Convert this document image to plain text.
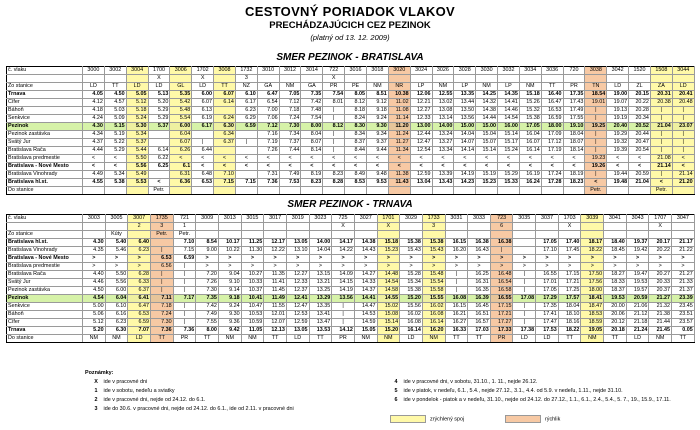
CESTOVNÝ PORIADOK VLAKOV
PRECHÁDZAJÚCICH CEZ PEZINOK
(platný od 13. 12. 2009)
SMER PEZINOK - BRATISLAVA
č. vlaku	3000	3002	3004	1700	3006	1702	3008	1732	3010	3012	3014	722	3016	3018	3020	3024	3026	3028	3030	3032	3034	3036	720	3038	3042	1520	1508	3044	
				X		X		3				X																	
Zo stanice	LD	TT	LD	LD	GL	LD	TT	NZ	GA	NM	GA	PR	PE	NM	NR	LP	NM	LP	NM	LP	NM	TT	PR	TN	LD	ZL	ZA	LD	
Trnava	4.05	4.50	5.05	5.13	5.35	6.00	6.07	6.10	6.47	7.05	7.35	7.54	8.05	8.51	10.38	12.06	12.55	13.35	14.25	14.35	15.18	16.40	17.35	18.54	19.00	20.15	20.31	20.41	
Cífer	4.12	4.57	5.12	5.20	5.42	6.07	6.14	6.17	6.54	7.12	7.42	8.01	8.12	9.12	11.02	12.21	13.02	13.44	14.32	14.41	15.26	16.47	17.43	19.01	19.07	20.22	20.38	20.48	
Báhoň	4.18	5.03	5.18	5.29	5.48	6.13		6.23	7.00	7.18	7.48	|	8.18	9.18	11.08	12.27	13.08	13.50	14.38	14.46	15.32	16.53	17.49	|	19.13	20.28	|	|	
Šenkvice	4.24	5.09	5.24	5.29	5.54	6.19	6.24	6.29	7.06	7.24	7.54	|	8.24	9.24	11.14	12.33	13.14	13.56	14.44	14.54	15.38	16.59	17.55	|	19.19	20.34	|	|	
Pezinok	4.30	5.15	5.30	5.37	6.00	6.17	6.30	6.59	7.12	7.30	8.00	8.12	8.30	9.30	11.20	13.00	14.00	15.00	15.00	16.00	17.05	18.00	19.10	19.25	20.40	20.52	21.04	23.07	
Pezinok zastávka	4.34	5.19	5.34		6.04		6.34		7.16	7.34	8.04	|	8.34	9.34	11.24	12.44	13.24	14.04	15.04	15.14	16.04	17.09	18.04	|	19.29	20.44	|	|	
Svätý Jur	4.37	5.22	5.37		6.07	|	6.37	|	7.19	7.37	8.07	|	8.37	9.37	11.27	12.47	13.27	14.07	15.07	15.17	16.07	17.12	18.07	|	19.32	20.47	|	|	
Bratislava Rača	4.44	5.29	5.44	6.14	6.26	6.44			7.26	7.44	8.14	|	8.44	9.44	11.34	12.54	13.34	14.14	15.14	15.24	16.14	17.19	18.14	|	19.39	20.54	|	|	
Bratislava predmestie	<	<	5.50	6.22	<	<	<	<	<	<	<	<	<	<	<	<	<	<	<	<	<	<	<	19.23	<	<	21.08	<	
Bratislava - Nové Mesto	<	<	5.56	6.25	6.1	<	<	<	<	<	<	<	<	<	<	<	<	<	<	<	<	<	<	19.26	<	<	21.14	<	
Bratislava Vinohrady	4.49	5.34	5.49		6.31	6.48	7.10		7.31	7.49	8.19	8.23	8.49	9.48	11.38	12.59	13.39	14.19	15.19	15.29	16.19	17.24	18.19	|	19.44	20.59	|	21.14	
Bratislava hl.st.	4.55	5.38	5.53	<	6.36	6.53	7.15	7.15	7.36	7.53	8.23	8.28	8.53	9.53	11.43	13.04	13.43	14.23	15.23	15.33	16.24	17.28	18.23	<	19.48	21.04	<	21.20	
Do stanice				Petr.																				Petr.			Petr.		
SMER PEZINOK - TRNAVA
č. vlaku	3003	3005	3007	1735	721	3009	3013	3015	3017	3019	3023	725	3027	1701	3029	1733	3031	3033	723	3035	3037	1703	3039	3041	3043	1707	3047
			2	3	1							X		X		3			6			X				X	
Zo stanice		Kúty		Petr.	Petr.																						
Bratislava hl.st.	4.30	5.40	6.40		7.10	8.54	10.17	11.25	12.17	13.05	14.00	14.17	14.38	15.18	15.38	15.38	16.15	16.38	16.38		17.05	17.40	18.17	18.40	19.37	20.17	21.17
Bratislava Vinohrady	4.35	5.46	6.23	|	7.15	9.00	10.22	11.30	12.22	13.10	14.04	14.22	14.43	15.23	15.43	15.43	16.20	16.43	|		17.10	17.45	18.22	18.45	19.42	20.22	21.22
Bratislava - Nové Mesto	>	>	>	6.53	6.59	>	>	>	>	>	>	>	>	>	>	>	>	>	>	>	>	>	>	>	>	>	>
Bratislava predmestie	>	>	>	6.56	|	>	>	>	>	>	>	>	>	>	>	>	>	>	>	>	>	>	>	>	>	>	>
Bratislava Rača	4.40	5.50	6.28	|	|	7.20	9.04	10.27	11.35	12.27	13.15	14.09	14.27	14.48	15.28	15.48	|	16.25	16.48	|	16.55	17.15	17.50	18.27	19.47	20.27	21.27
Svätý Jur	4.46	5.56	6.33	|	|	7.26	9.10	10.33	11.41	12.33	13.21	14.15	14.33	14.54	15.34	15.54	|	16.31	16.54	|	17.01	17.21	17.56	18.33	19.53	20.33	21.33
Pezinok zastávka	4.50	6.00	6.37	|	|	7.30	9.14	10.37	11.45	12.37	13.25	14.19	14.37	14.58	15.38	15.58	|	16.35	16.58	|	17.05	17.25	18.00	18.37	19.57	20.37	21.37
Pezinok	4.54	6.04	6.41	7.11	7.17	7.35	9.18	10.41	11.49	12.41	13.29	13.56	14.41	14.55	15.20	15.55	16.08	16.39	16.55	17.08	17.29	17.57	18.41	19.53	20.59	21.27	23.39
Šenkvice	5.00	6.10	6.47	7.18	|	7.42	9.24	10.47	11.55	12.47	13.35	|	14.47	15.02	15.56	16.02	16.15	16.45	17.15	|	17.35	18.04	18.47	20.00	21.06	21.32	23.45
Báhoň	5.06	6.16	6.53	7.24	|	7.49	9.30	10.53	12.01	12.53	13.41	|	14.53	15.08	16.02	16.08	16.21	16.51	17.21	|	17.41	18.10	18.53	20.06	21.12	21.38	23.51
Cífer	5.12	6.23	6.59	7.30	|	7.55	9.36	10.59	12.07	12.59	13.47	|	14.59	15.14	16.08	16.14	16.27	16.57	17.27	|	17.47	18.16	18.59	20.12	21.18	21.44	23.57
Trnava	5.20	6.30	7.07	7.36	7.36	8.00	9.42	11.05	12.13	13.05	13.53	14.12	15.05	15.20	16.14	16.20	16.33	17.03	17.33	17.38	17.53	18.22	19.05	20.18	21.24	21.45	0.05
Do stanice	NM	NM	LD	TT	PR	TT	NM	NM	TT	LD	TT	PR	NM	NM	LD	NM	TT	TT	PR	LD	LD	TT	NM	TT	LD	NM	TT
Poznámky:
X ide v pracovné dni
1 ide v sobotu, nedeľu a sviatky
2 ide v pracovné dni, nejde od 24.12. do 6.1.
3 ide do 30.6. v pracovné dni, nejde od 24.12. do 6.1., ide od 2.11. v pracovné dni
4 ide v pracovné dni, v sobotu, 31.10., 1. 11., nejde 26.12.
5 ide v piatok, v nedeľu, 6.1., 5.4., nejde 27.12., 3.1., 4.4. od 5.9. v nedeľu, 1.11., nejde 31.10.
6 ide v pondelok - piatok a v nedeľu, 31.10., nejde od 24.12. do 27.12., 1.1., 6.1., 2.4., 5.4., 5. 7., 19., 15.9., 17.11.
zrýchlený spoj	rýchlik
